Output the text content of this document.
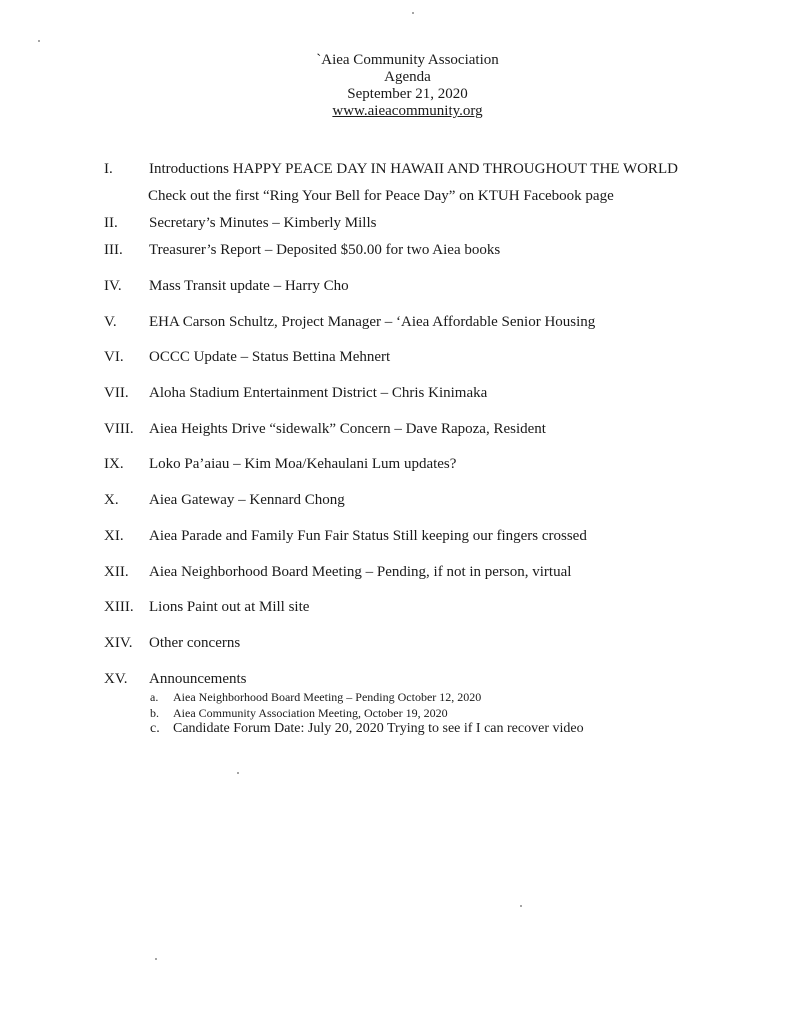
`Aiea Community Association
Agenda
September 21, 2020
www.aieacommunity.org
I. Introductions HAPPY PEACE DAY IN HAWAII AND THROUGHOUT THE WORLD
Check out the first “Ring Your Bell for Peace Day” on KTUH Facebook page
II. Secretary’s Minutes – Kimberly Mills
III. Treasurer’s Report – Deposited $50.00 for two Aiea books
IV. Mass Transit update – Harry Cho
V. EHA Carson Schultz, Project Manager – ‘Aiea Affordable Senior Housing
VI. OCCC Update – Status Bettina Mehnert
VII. Aloha Stadium Entertainment District – Chris Kinimaka
VIII. Aiea Heights Drive “sidewalk” Concern – Dave Rapoza, Resident
IX. Loko Pa’aiau – Kim Moa/Kehaulani Lum updates?
X. Aiea Gateway – Kennard Chong
XI. Aiea Parade and Family Fun Fair Status Still keeping our fingers crossed
XII. Aiea Neighborhood Board Meeting – Pending, if not in person, virtual
XIII. Lions Paint out at Mill site
XIV. Other concerns
XV. Announcements
a. Aiea Neighborhood Board Meeting – Pending October 12, 2020
b. Aiea Community Association Meeting, October 19, 2020
c. Candidate Forum Date: July 20, 2020 Trying to see if I can recover video
